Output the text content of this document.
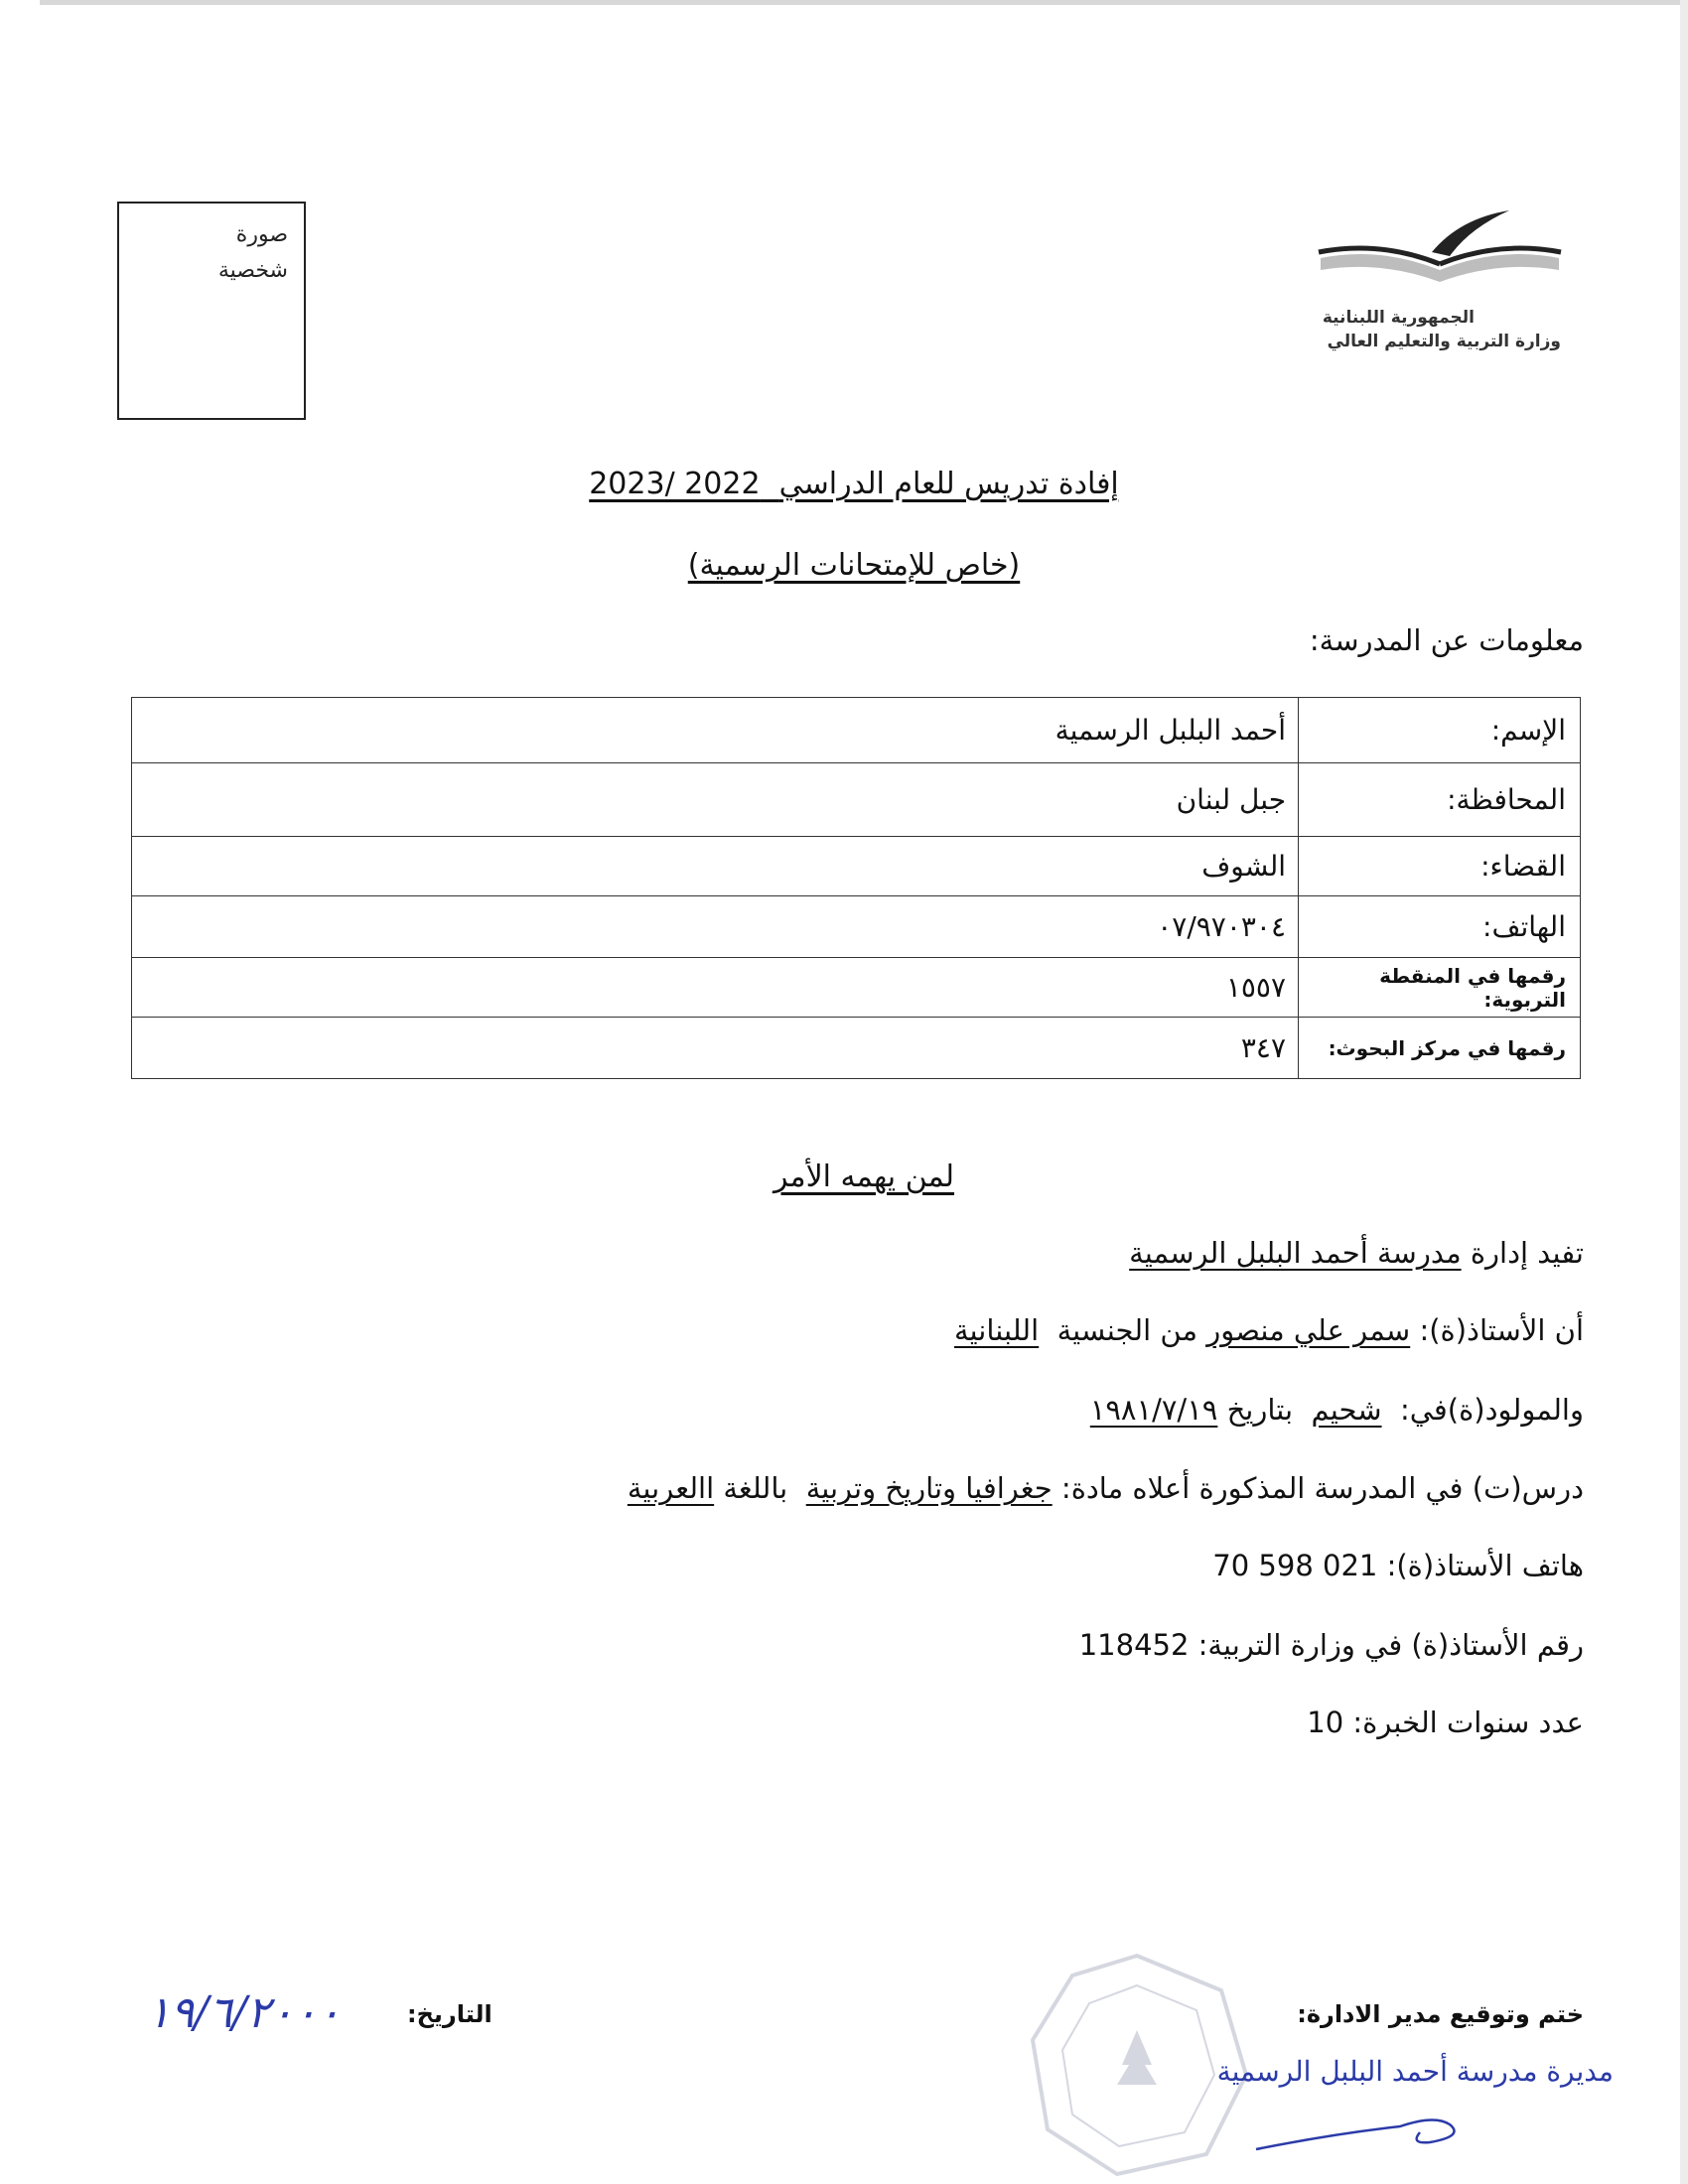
صورة
شخصية
الجمهورية اللبنانية
وزارة التربية والتعليم العالي
إفادة تدريس للعام الدراسي  2023/ 2022
(خاص للإمتحانات الرسمية)
معلومات عن المدرسة:
الإسم:	أحمد البلبل الرسمية
المحافظة:	جبل لبنان
القضاء:	الشوف
الهاتف:	٠٧/٩٧٠٣٠٤
رقمها في المنقطة التربوية:	١٥٥٧
رقمها في مركز البحوث:	٣٤٧
لمن يهمه الأمر
تفيد إدارة مدرسة أحمد البلبل الرسمية
أن الأستاذ(ة): سمر علي منصور من الجنسية  اللبنانية
والمولود(ة)في:  شحيم  بتاريخ ١٩٨١/٧/١٩
درس(ت) في المدرسة المذكورة أعلاه مادة: جغرافيا وتاريخ وتربية  باللغة االعربية
هاتف الأستاذ(ة): 70 598 021
رقم الأستاذ(ة) في وزارة التربية: 118452
عدد سنوات الخبرة: 10
ختم وتوقيع مدير الادارة:
مديرة مدرسة أحمد البلبل الرسمية
التاريخ:
١٩/٦/٢٠٠٠
